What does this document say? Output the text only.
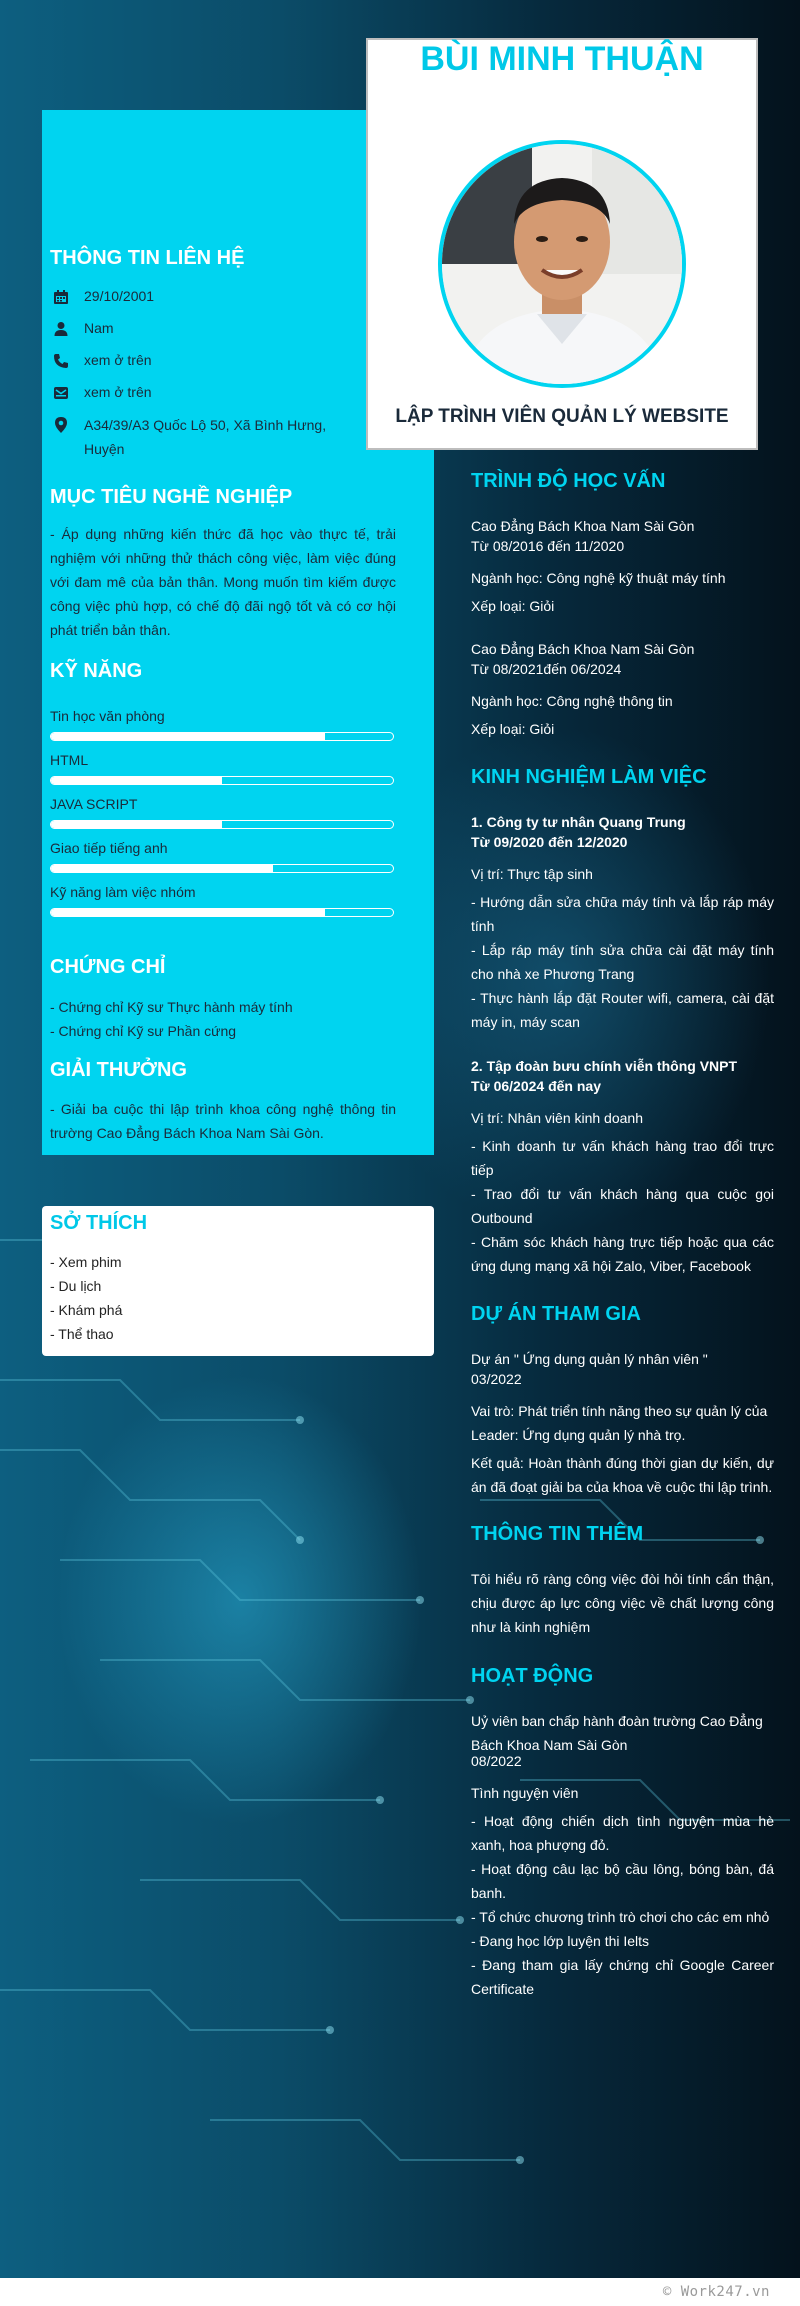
THÔNG TIN LIÊN HỆ
29/10/2001
Nam
xem ở trên
xem ở trên
A34/39/A3 Quốc Lộ 50, Xã Bình Hưng, Huyện
MỤC TIÊU NGHỀ NGHIỆP
- Áp dụng những kiến thức đã học vào thực tế, trải nghiệm với những thử thách công việc, làm việc đúng với đam mê của bản thân. Mong muốn tìm kiếm được công việc phù hợp, có chế độ đãi ngộ tốt và có cơ hội phát triển bản thân.
KỸ NĂNG
Tin học văn phòng
HTML
JAVA SCRIPT
Giao tiếp tiếng anh
Kỹ năng làm việc nhóm
CHỨNG CHỈ
- Chứng chỉ Kỹ sư Thực hành máy tính
- Chứng chỉ Kỹ sư Phần cứng
GIẢI THƯỞNG
- Giải ba cuộc thi lập trình khoa công nghệ thông tin trường Cao Đẳng Bách Khoa Nam Sài Gòn.
SỞ THÍCH
- Xem phim
- Du lịch
- Khám phá
- Thể thao
BÙI MINH THUẬN
LẬP TRÌNH VIÊN QUẢN LÝ WEBSITE
TRÌNH ĐỘ HỌC VẤN
Cao Đẳng Bách Khoa Nam Sài Gòn
Từ 08/2016 đến 11/2020
Ngành học: Công nghệ kỹ thuật máy tính
Xếp loại: Giỏi
Cao Đẳng Bách Khoa Nam Sài Gòn
Từ 08/2021đến 06/2024
Ngành học: Công nghệ thông tin
Xếp loại: Giỏi
KINH NGHIỆM LÀM VIỆC
1. Công ty tư nhân Quang Trung
Từ 09/2020 đến 12/2020
Vị trí: Thực tập sinh
- Hướng dẫn sửa chữa máy tính và lắp ráp máy tính
- Lắp ráp máy tính sửa chữa cài đặt máy tính cho nhà xe Phương Trang
- Thực hành lắp đặt Router wifi, camera, cài đặt máy in, máy scan
2. Tập đoàn bưu chính viễn thông VNPT
Từ 06/2024 đến nay
Vị trí: Nhân viên kinh doanh
- Kinh doanh tư vấn khách hàng trao đổi trực tiếp
- Trao đổi tư vấn khách hàng qua cuộc gọi Outbound
- Chăm sóc khách hàng trực tiếp hoặc qua các ứng dụng mạng xã hội Zalo, Viber, Facebook
DỰ ÁN THAM GIA
Dự án " Ứng dụng quản lý nhân viên "
03/2022
Vai trò: Phát triển tính năng theo sự quản lý của Leader: Ứng dụng quản lý nhà trọ.
Kết quả: Hoàn thành đúng thời gian dự kiến, dự án đã đoạt giải ba của khoa về cuộc thi lập trình.
THÔNG TIN THÊM
Tôi hiểu rõ ràng công việc đòi hỏi tính cẩn thận, chịu được áp lực công việc về chất lượng công như là kinh nghiệm
HOẠT ĐỘNG
Uỷ viên ban chấp hành đoàn trường Cao Đẳng Bách Khoa Nam Sài Gòn
08/2022
Tình nguyện viên
- Hoạt động chiến dịch tình nguyện mùa hè xanh, hoa phượng đỏ.
- Hoạt động câu lạc bộ cầu lông, bóng bàn, đá banh.
- Tổ chức chương trình trò chơi cho các em nhỏ
- Đang học lớp luyện thi Ielts
- Đang tham gia lấy chứng chỉ Google Career Certificate
© Work247.vn
